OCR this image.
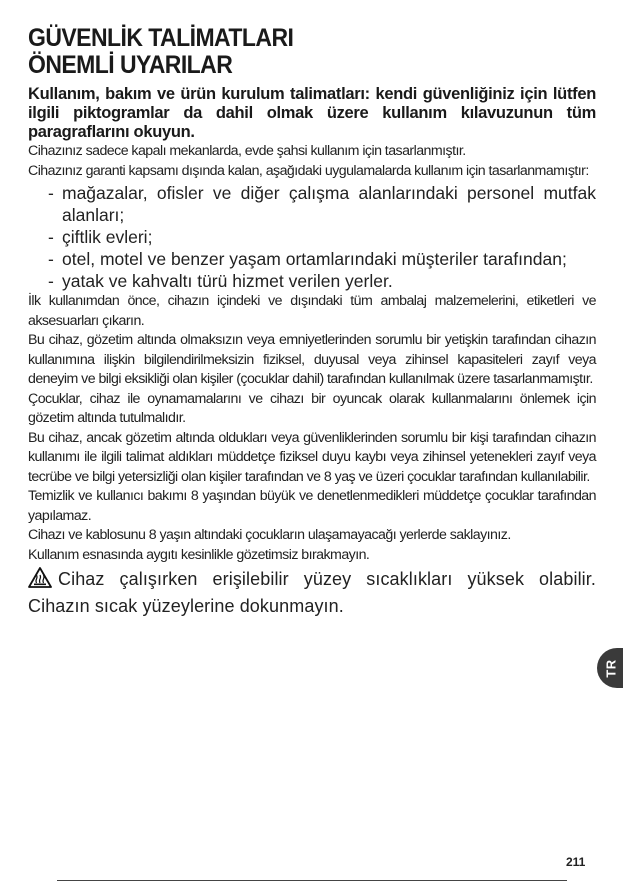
GÜVENLİK TALİMATLARI
ÖNEMLİ UYARILAR
Kullanım, bakım ve ürün kurulum talimatları: kendi güvenliğiniz için lütfen ilgili piktogramlar da dahil olmak üzere kullanım kılavuzunun tüm paragraflarını okuyun.
Cihazınız sadece kapalı mekanlarda, evde şahsi kullanım için tasarlanmıştır.
Cihazınız garanti kapsamı dışında kalan, aşağıdaki uygulamalarda kullanım için tasarlanmamıştır:
- mağazalar, ofisler ve diğer çalışma alanlarındaki personel mutfak alanları;
- çiftlik evleri;
- otel, motel ve benzer yaşam ortamlarındaki müşteriler tarafından;
- yatak ve kahvaltı türü hizmet verilen yerler.
İlk kullanımdan önce, cihazın içindeki ve dışındaki tüm ambalaj malzemelerini, etiketleri ve aksesuarları çıkarın.
Bu cihaz, gözetim altında olmaksızın veya emniyetlerinden sorumlu bir yetişkin tarafından cihazın kullanımına ilişkin bilgilendirilmeksizin fiziksel, duyusal veya zihinsel kapasiteleri zayıf veya deneyim ve bilgi eksikliği olan kişiler (çocuklar dahil) tarafından kullanılmak üzere tasarlanmamıştır.
Çocuklar, cihaz ile oynamamalarını ve cihazı bir oyuncak olarak kullanmalarını önlemek için gözetim altında tutulmalıdır.
Bu cihaz, ancak gözetim altında oldukları veya güvenliklerinden sorumlu bir kişi tarafından cihazın kullanımı ile ilgili talimat aldıkları müddetçe fiziksel duyu kaybı veya zihinsel yetenekleri zayıf veya tecrübe ve bilgi yetersizliği olan kişiler tarafından ve 8 yaş ve üzeri çocuklar tarafından kullanılabilir.
Temizlik ve kullanıcı bakımı 8 yaşından büyük ve denetlenmedikleri müddetçe çocuklar tarafından yapılamaz.
Cihazı ve kablosunu 8 yaşın altındaki çocukların ulaşamayacağı yerlerde saklayınız.
Kullanım esnasında aygıtı kesinlikle gözetimsiz bırakmayın.
Cihaz çalışırken erişilebilir yüzey sıcaklıkları yüksek olabilir. Cihazın sıcak yüzeylerine dokunmayın.
TR
211
